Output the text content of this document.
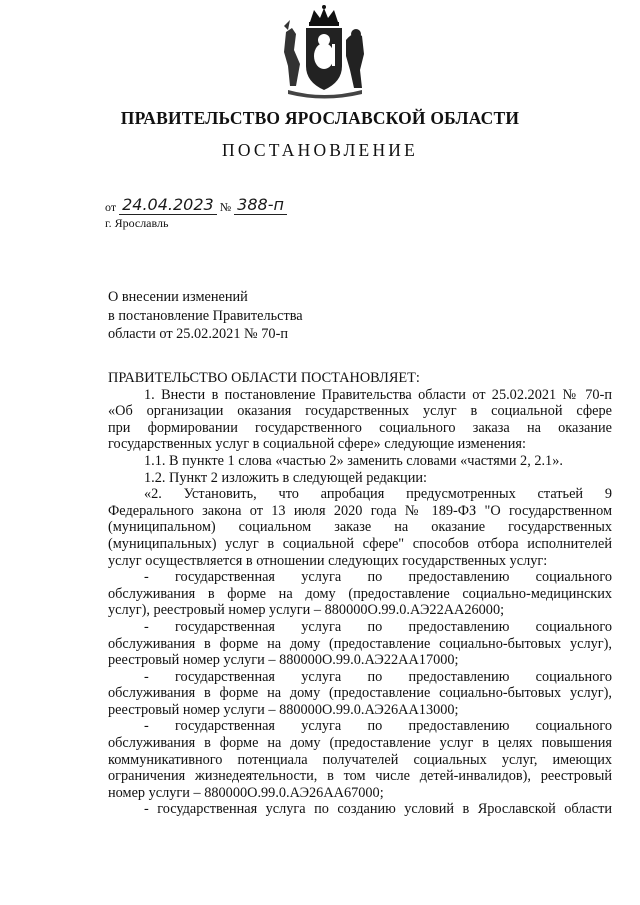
ПРАВИТЕЛЬСТВО ЯРОСЛАВСКОЙ ОБЛАСТИ
ПОСТАНОВЛЕНИЕ
от 24.04.2023 № 388-п
г. Ярославль
О внесении изменений
в постановление Правительства
области от 25.02.2021 № 70-п

ПРАВИТЕЛЬСТВО ОБЛАСТИ ПОСТАНОВЛЯЕТ:

1. Внести в постановление Правительства области от 25.02.2021 № 70-п

«Об организации оказания государственных услуг в социальной сфере

при формировании государственного социального заказа на оказание

государственных услуг в социальной сфере» следующие изменения:

1.1. В пункте 1 слова «частью 2» заменить словами «частями 2, 2.1».

1.2. Пункт 2 изложить в следующей редакции:

«2. Установить, что апробация предусмотренных статьей 9

Федерального закона от 13 июля 2020 года № 189-ФЗ "О государственном

(муниципальном) социальном заказе на оказание государственных

(муниципальных) услуг в социальной сфере" способов отбора исполнителей

услуг осуществляется в отношении следующих государственных услуг:

- государственная услуга по предоставлению социального

обслуживания в форме на дому (предоставление социально-медицинских

услуг), реестровый номер услуги – 880000О.99.0.АЭ22АА26000;

- государственная услуга по предоставлению социального

обслуживания в форме на дому (предоставление социально-бытовых услуг),

реестровый номер услуги – 880000О.99.0.АЭ22АА17000;

- государственная услуга по предоставлению социального

обслуживания в форме на дому (предоставление социально-бытовых услуг),

реестровый номер услуги – 880000О.99.0.АЭ26АА13000;

- государственная услуга по предоставлению социального

обслуживания в форме на дому (предоставление услуг в целях повышения

коммуникативного потенциала получателей социальных услуг, имеющих

ограничения жизнедеятельности, в том числе детей-инвалидов), реестровый

номер услуги – 880000О.99.0.АЭ26АА67000;

- государственная услуга по созданию условий в Ярославской области
